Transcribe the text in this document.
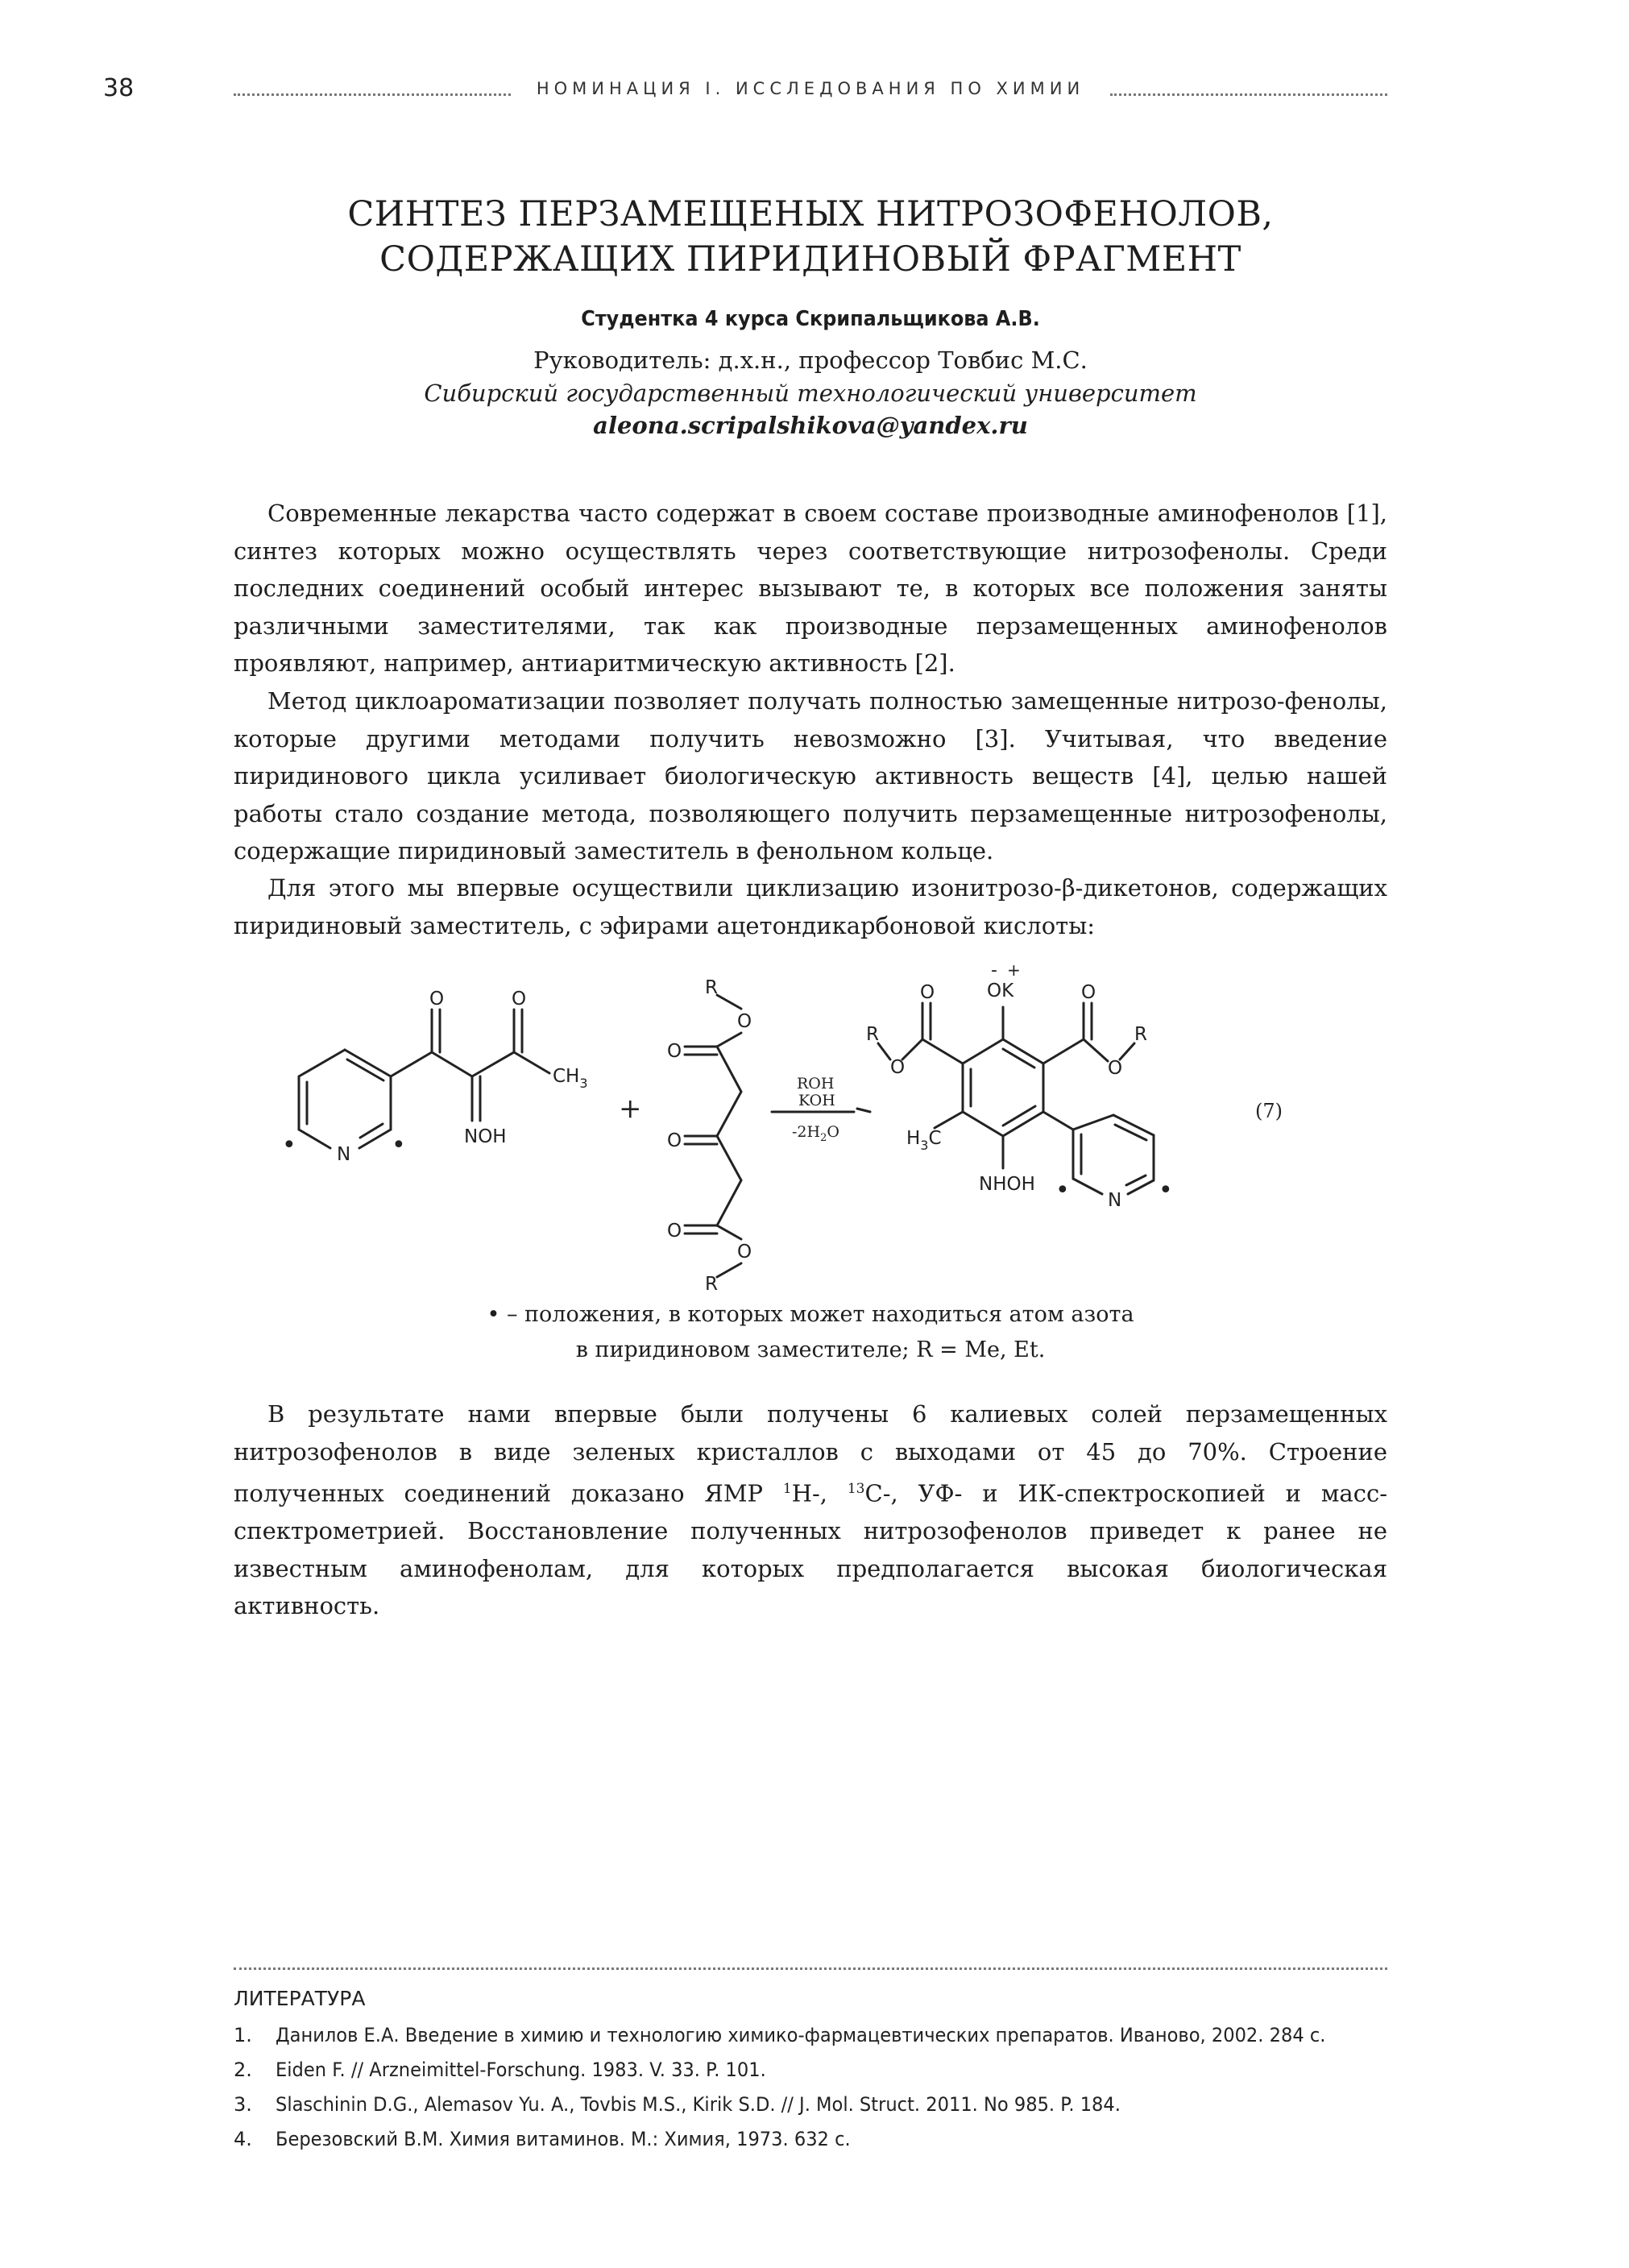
38	НОМИНАЦИЯ I. ИССЛЕДОВАНИЯ ПО ХИМИИ
СИНТЕЗ ПЕРЗАМЕЩЕНЫХ НИТРОЗОФЕНОЛОВ,
СОДЕРЖАЩИХ ПИРИДИНОВЫЙ ФРАГМЕНТ
Студентка 4 курса Скрипальщикова А.В.
Руководитель: д.х.н., профессор Товбис М.С.
Сибирский государственный технологический университет
aleona.scripalshikova@yandex.ru

Современные лекарства часто содержат в своем составе производные аминофенолов [1], синтез которых можно осуществлять через соответствующие нитрозофенолы. Среди последних соединений особый интерес вызывают те, в которых все положения заняты различными заместителями, так как производные перзамещенных аминофенолов проявляют, например, антиаритмическую активность [2].

Метод циклоароматизации позволяет получать полностью замещенные нитрозо-фенолы, которые другими методами получить невозможно [3]. Учитывая, что введение пиридинового цикла усиливает биологическую активность веществ [4], целью нашей работы стало создание метода, позволяющего получить перзамещенные нитрозофенолы, содержащие пиридиновый заместитель в фенольном кольце.

Для этого мы впервые осуществили циклизацию изонитрозо-β-дикетонов, содержащих пиридиновый заместитель, с эфирами ацетондикарбоновой кислоты:

O	O
$CH_3$
NOH
N
•	•
+
R
O
O
O
O
O
R
ROH
KOH
$-2H_2O$
- +
OK
O	O
R
O	O
R
$H_3C$
NHOH
N
•	•
(7)
• – положения, в которых может находиться атом азота
в пиридиновом заместителе; R = Me, Et.

В результате нами впервые были получены 6 калиевых солей перзамещенных нитрозофенолов в виде зеленых кристаллов с выходами от 45 до 70%. Строение полученных соединений доказано ЯМР $^1$H-, $^{13}$C-, УФ- и ИК-спектроскопией и масс-спектрометрией. Восстановление полученных нитрозофенолов приведет к ранее не известным аминофенолам, для которых предполагается высокая биологическая активность.

ЛИТЕРАТУРА
1.	Данилов Е.А. Введение в химию и технологию химико-фармацевтических препаратов. Иваново, 2002. 284 с.
2.	Eiden F. // Arzneimittel-Forschung. 1983. V. 33. P. 101.
3.	Slaschinin D.G., Alemasov Yu. A., Tovbis M.S., Kirik S.D. // J. Mol. Struct. 2011. No 985. P. 184.
4.	Березовский В.М. Химия витаминов. М.: Химия, 1973. 632 с.
